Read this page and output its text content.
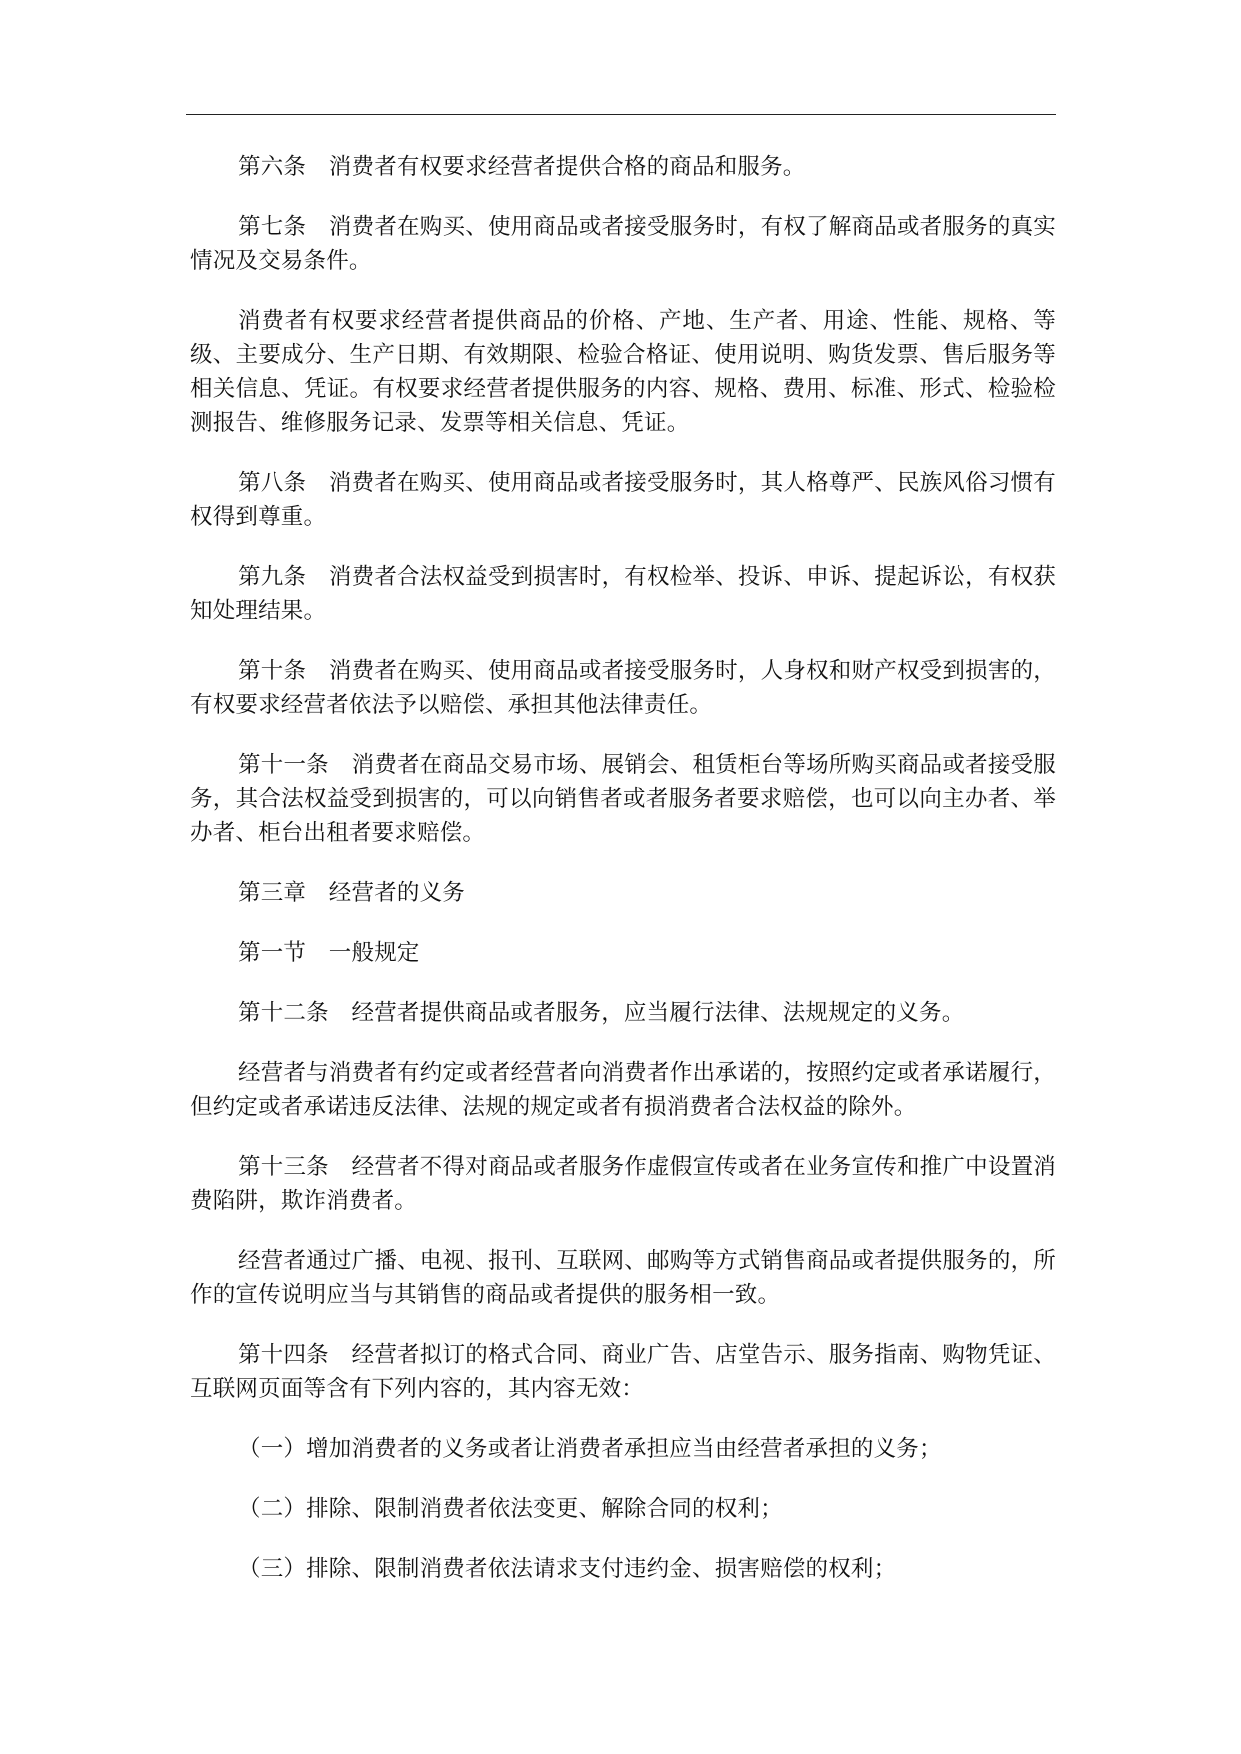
第六条　消费者有权要求经营者提供合格的商品和服务。

第七条　消费者在购买、使用商品或者接受服务时，有权了解商品或者服务的真实情况及交易条件。

消费者有权要求经营者提供商品的价格、产地、生产者、用途、性能、规格、等级、主要成分、生产日期、有效期限、检验合格证、使用说明、购货发票、售后服务等相关信息、凭证。有权要求经营者提供服务的内容、规格、费用、标准、形式、检验检测报告、维修服务记录、发票等相关信息、凭证。

第八条　消费者在购买、使用商品或者接受服务时，其人格尊严、民族风俗习惯有权得到尊重。

第九条　消费者合法权益受到损害时，有权检举、投诉、申诉、提起诉讼，有权获知处理结果。

第十条　消费者在购买、使用商品或者接受服务时，人身权和财产权受到损害的，有权要求经营者依法予以赔偿、承担其他法律责任。

第十一条　消费者在商品交易市场、展销会、租赁柜台等场所购买商品或者接受服务，其合法权益受到损害的，可以向销售者或者服务者要求赔偿，也可以向主办者、举办者、柜台出租者要求赔偿。

第三章　经营者的义务

第一节　一般规定

第十二条　经营者提供商品或者服务，应当履行法律、法规规定的义务。

经营者与消费者有约定或者经营者向消费者作出承诺的，按照约定或者承诺履行，但约定或者承诺违反法律、法规的规定或者有损消费者合法权益的除外。

第十三条　经营者不得对商品或者服务作虚假宣传或者在业务宣传和推广中设置消费陷阱，欺诈消费者。

经营者通过广播、电视、报刊、互联网、邮购等方式销售商品或者提供服务的，所作的宣传说明应当与其销售的商品或者提供的服务相一致。

第十四条　经营者拟订的格式合同、商业广告、店堂告示、服务指南、购物凭证、互联网页面等含有下列内容的，其内容无效：

（一）增加消费者的义务或者让消费者承担应当由经营者承担的义务；

（二）排除、限制消费者依法变更、解除合同的权利；

（三）排除、限制消费者依法请求支付违约金、损害赔偿的权利；
